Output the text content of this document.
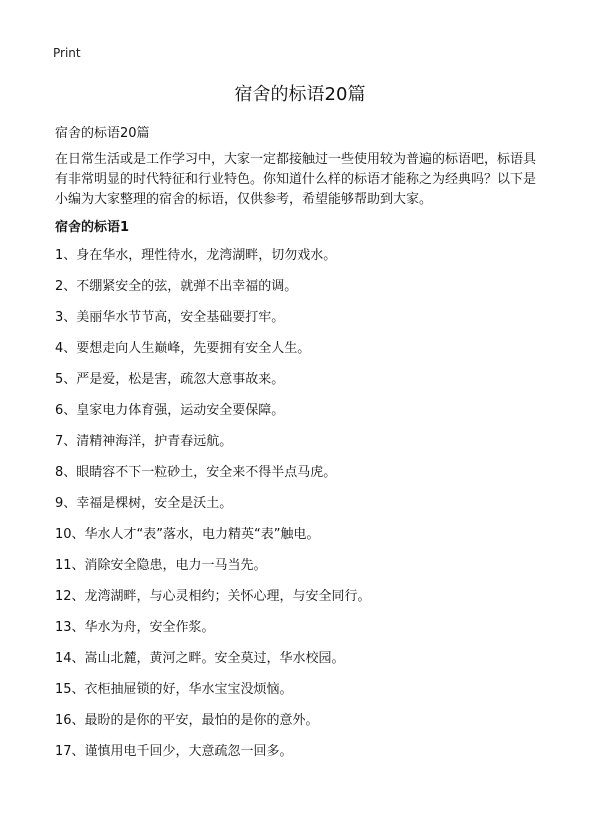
Print
宿舍的标语20篇
宿舍的标语20篇
在日常生活或是工作学习中，大家一定都接触过一些使用较为普遍的标语吧，标语具有非常明显的时代特征和行业特色。你知道什么样的标语才能称之为经典吗？以下是小编为大家整理的宿舍的标语，仅供参考，希望能够帮助到大家。
宿舍的标语1
1、身在华水，理性待水，龙湾湖畔，切勿戏水。
2、不绷紧安全的弦，就弹不出幸福的调。
3、美丽华水节节高，安全基础要打牢。
4、要想走向人生巅峰，先要拥有安全人生。
5、严是爱，松是害，疏忽大意事故来。
6、皇家电力体育强，运动安全要保障。
7、清精神海洋，护青春远航。
8、眼睛容不下一粒砂土，安全来不得半点马虎。
9、幸福是棵树，安全是沃土。
10、华水人才“表”落水，电力精英“表”触电。
11、消除安全隐患，电力一马当先。
12、龙湾湖畔，与心灵相约；关怀心理，与安全同行。
13、华水为舟，安全作浆。
14、嵩山北麓，黄河之畔。安全莫过，华水校园。
15、衣柜抽屉锁的好，华水宝宝没烦恼。
16、最盼的是你的平安，最怕的是你的意外。
17、谨慎用电千回少，大意疏忽一回多。
